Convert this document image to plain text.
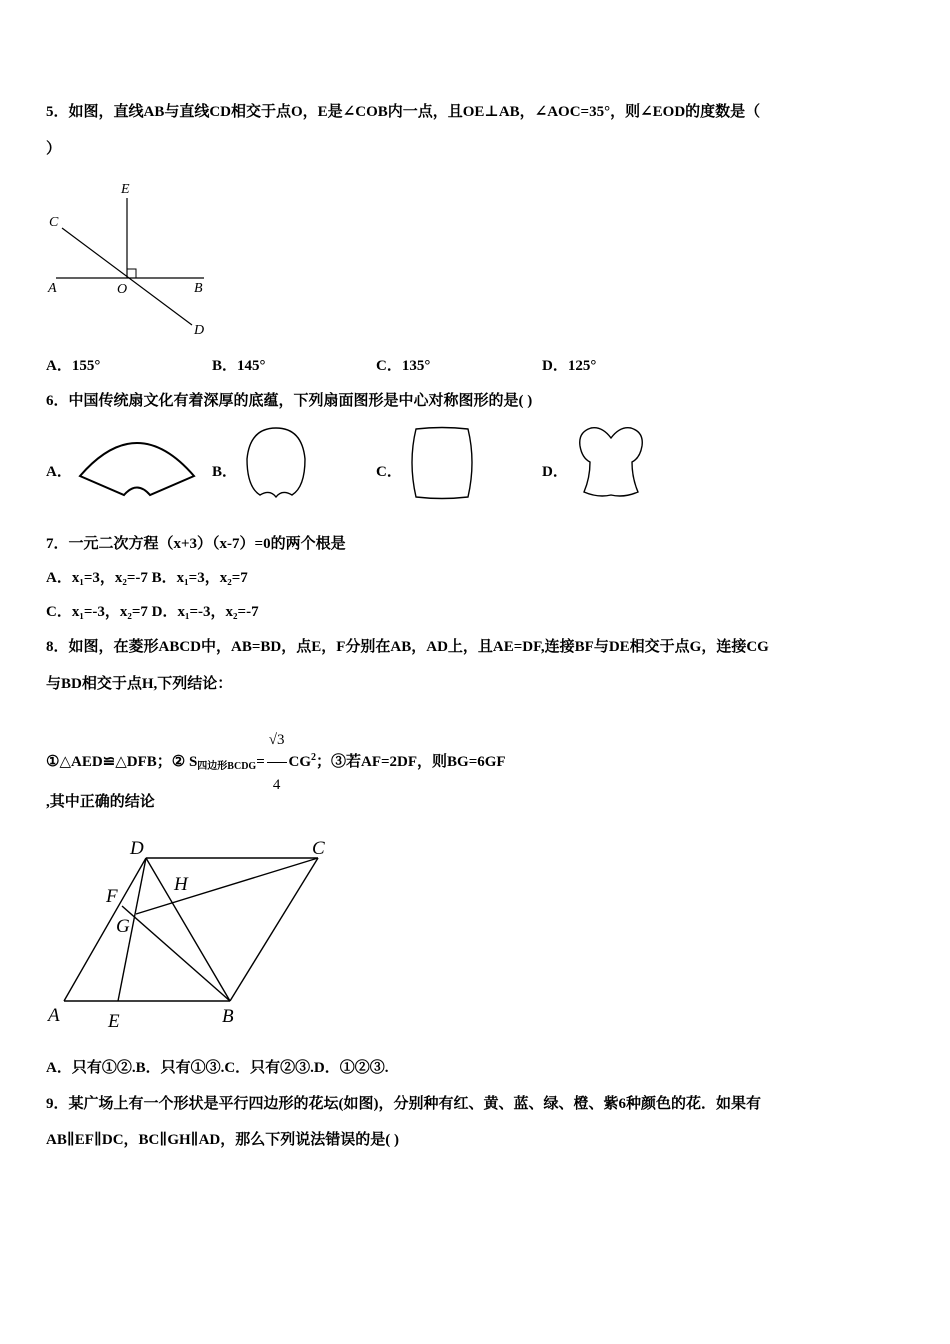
5．如图，直线AB与直线CD相交于点O，E是∠COB内一点，且OE⊥AB，∠AOC=35°，则∠EOD的度数是（
）
E
C
A	O	B
D
A．155°	B．145°	C．135°	D．125°
6．中国传统扇文化有着深厚的底蕴，下列扇面图形是中心对称图形的是( )
A．	B．	C．	D．
7．一元二次方程（x+3）（x-7）=0的两个根是
A．x₁=3，x₂=-7 B．x₁=3，x₂=7
C．x₁=-3，x₂=7 D．x₁=-3，x₂=-7
8．如图，在菱形ABCD中，AB=BD，点E，F分别在AB，AD上，且AE=DF,连接BF与DE相交于点G，连接CG
与BD相交于点H,下列结论：
①△AED≌△DFB；② $S_{四边形BCDG}= \frac{√3}{4} CG^2$；③若AF=2DF，则BG=6GF
,其中正确的结论
D	C
F
H
G
A	E	B
A．只有①②.B．只有①③.C．只有②③.D．①②③.
9．某广场上有一个形状是平行四边形的花坛(如图)，分别种有红、黄、蓝、绿、橙、紫6种颜色的花．如果有
AB∥EF∥DC，BC∥GH∥AD，那么下列说法错误的是( )
